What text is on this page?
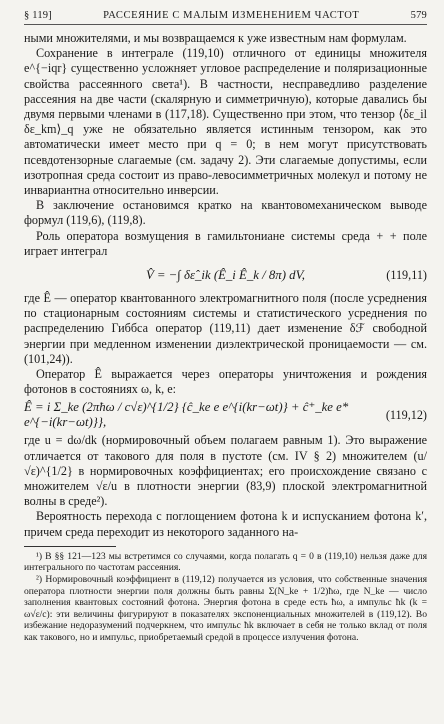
§ 119]	РАССЕЯНИЕ С МАЛЫМ ИЗМЕНЕНИЕМ ЧАСТОТ	579

ными множителями, и мы возвращаемся к уже известным нам формулам.

Сохранение в интеграле (119,10) отличного от единицы множителя e^{−iqr} существенно усложняет угловое распределение и поляризационные свойства рассеянного света¹). В частности, несправедливо разделение рассеяния на две части (скалярную и симметричную), которые давались бы двумя первыми членами в (117,18). Существенно при этом, что тензор ⟨δε_il δε_km⟩_q уже не обязательно является истинным тензором, как это автоматически имеет место при q = 0; в нем могут присутствовать псевдотензорные слагаемые (см. задачу 2). Эти слагаемые допустимы, если изотропная среда состоит из право-левосимметричных молекул и потому не инвариантна относительно инверсии.

В заключение остановимся кратко на квантовомеханическом выводе формул (119,6), (119,8).

Роль оператора возмущения в гамильтониане системы среда + + поле играет интеграл

V̂ = −∫ δε̂_ik (Ê_i Ê_k / 8π) dV,	(119,11)

где Ê — оператор квантованного электромагнитного поля (после усреднения по стационарным состояниям системы и статистического усреднения по распределению Гиббса оператор (119,11) дает изменение δℱ свободной энергии при медленном изменении диэлектрической проницаемости — см. (101,24)).

Оператор Ê выражается через операторы уничтожения и рождения фотонов в состояниях ω, k, e:

Ê = i Σ_ke (2πħω / c√ε)^{1/2} {ĉ_ke e e^{i(kr−ωt)} + ĉ⁺_ke e* e^{−i(kr−ωt)}},
(119,12)

где u = dω/dk (нормировочный объем полагаем равным 1). Это выражение отличается от такового для поля в пустоте (см. IV § 2) множителем (u/√ε)^{1/2} в нормировочных коэффициентах; его происхождение связано с множителем √ε/u в плотности энергии (83,9) плоской электромагнитной волны в среде²).

Вероятность перехода с поглощением фотона k и испусканием фотона k′, причем среда переходит из некоторого заданного на-

¹) В §§ 121—123 мы встретимся со случаями, когда полагать q = 0 в (119,10) нельзя даже для интегрального по частотам рассеяния.

²) Нормировочный коэффициент в (119,12) получается из условия, что собственные значения оператора плотности энергии поля должны быть равны Σ(N_ke + 1/2)ħω, где N_ke — число заполнения квантовых состояний фотона. Энергия фотона в среде есть ħω, а импульс ħk (k = ω√ε/c): эти величины фигурируют в показателях экспоненциальных множителей в (119,12). Во избежание недоразумений подчеркнем, что импульс ħk включает в себя не только вклад от поля как такового, но и импульс, приобретаемый средой в процессе излучения фотона.
